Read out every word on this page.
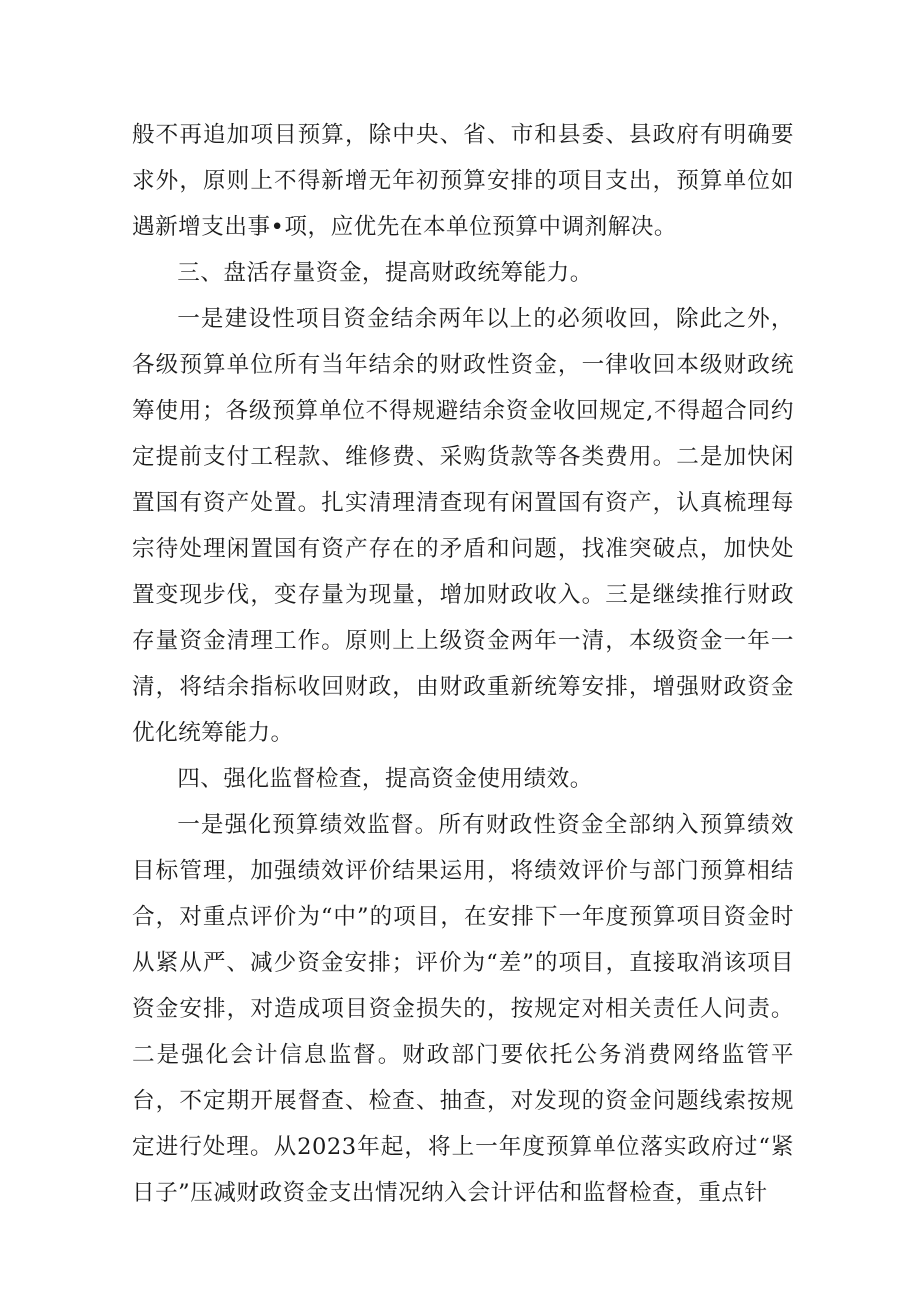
般不再追加项目预算，除中央、省、市和县委、县政府有明确要求外，原则上不得新增无年初预算安排的项目支出，预算单位如遇新增支出事•项，应优先在本单位预算中调剂解决。

三、盘活存量资金，提高财政统筹能力。

一是建设性项目资金结余两年以上的必须收回，除此之外，各级预算单位所有当年结余的财政性资金，一律收回本级财政统筹使用；各级预算单位不得规避结余资金收回规定,不得超合同约定提前支付工程款、维修费、采购货款等各类费用。二是加快闲置国有资产处置。扎实清理清查现有闲置国有资产，认真梳理每宗待处理闲置国有资产存在的矛盾和问题，找准突破点，加快处置变现步伐，变存量为现量，增加财政收入。三是继续推行财政存量资金清理工作。原则上上级资金两年一清，本级资金一年一清，将结余指标收回财政，由财政重新统筹安排，增强财政资金优化统筹能力。

四、强化监督检查，提高资金使用绩效。

一是强化预算绩效监督。所有财政性资金全部纳入预算绩效目标管理，加强绩效评价结果运用，将绩效评价与部门预算相结合，对重点评价为“中”的项目，在安排下一年度预算项目资金时从紧从严、减少资金安排；评价为“差”的项目，直接取消该项目资金安排，对造成项目资金损失的，按规定对相关责任人问责。二是强化会计信息监督。财政部门要依托公务消费网络监管平台，不定期开展督查、检查、抽查，对发现的资金问题线索按规定进行处理。从2023年起，将上一年度预算单位落实政府过“紧日子”压减财政资金支出情况纳入会计评估和监督检查，重点针
